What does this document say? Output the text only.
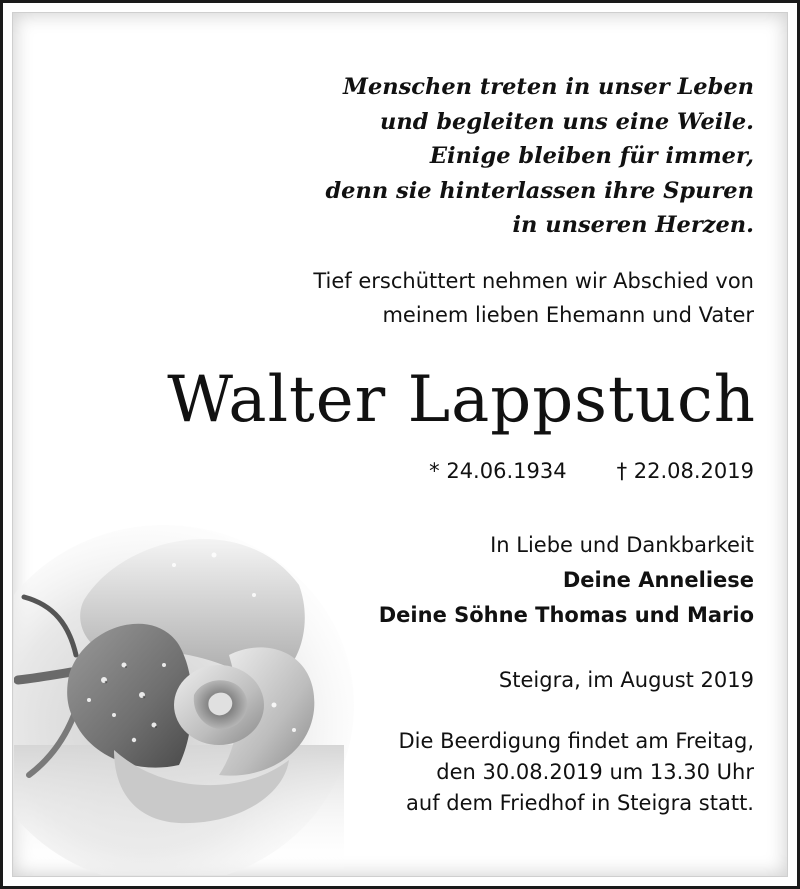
Menschen treten in unser Leben
und begleiten uns eine Weile.
Einige bleiben für immer,
denn sie hinterlassen ihre Spuren
in unseren Herzen.
Tief erschüttert nehmen wir Abschied von
meinem lieben Ehemann und Vater
Walter Lappstuch
* 24.06.1934 † 22.08.2019
In Liebe und Dankbarkeit
Deine Anneliese
Deine Söhne Thomas und Mario
Steigra, im August 2019
Die Beerdigung findet am Freitag,
den 30.08.2019 um 13.30 Uhr
auf dem Friedhof in Steigra statt.
